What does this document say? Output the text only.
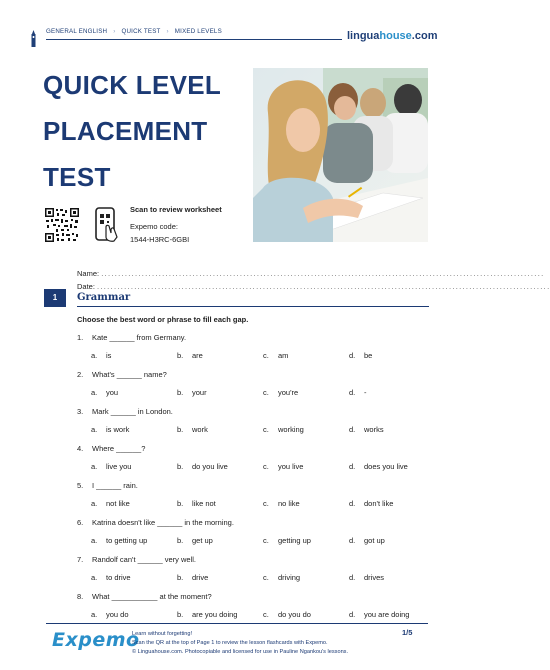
GENERAL ENGLISH › QUICK TEST › MIXED LEVELS	linguahouse.com
QUICK LEVEL
PLACEMENT
TEST
Scan to review worksheet
Expemo code:
1544-H3RC-6GBI
Name: ...................................................................................................................................
Date: ......................................................................................................................................
1	Grammar
Choose the best word or phrase to fill each gap.
1. Kate ______ from Germany.
a. is	b. are	c. am	d. be
2. What's ______ name?
a. you	b. your	c. you're	d. -
3. Mark ______ in London.
a. is work	b. work	c. working	d. works
4. Where ______?
a. live you	b. do you live	c. you live	d. does you live
5. I ______ rain.
a. not like	b. like not	c. no like	d. don't like
6. Katrina doesn't like ______ in the morning.
a. to getting up	b. get up	c. getting up	d. got up
7. Randolf can't ______ very well.
a. to drive	b. drive	c. driving	d. drives
8. What ___________ at the moment?
a. you do	b. are you doing	c. do you do	d. you are doing
Expemo
Learn without forgetting!
Scan the QR at the top of Page 1 to review the lesson flashcards with Expemo.
© Linguahouse.com. Photocopiable and licensed for use in Pauline Ngankou's lessons.
1/5
